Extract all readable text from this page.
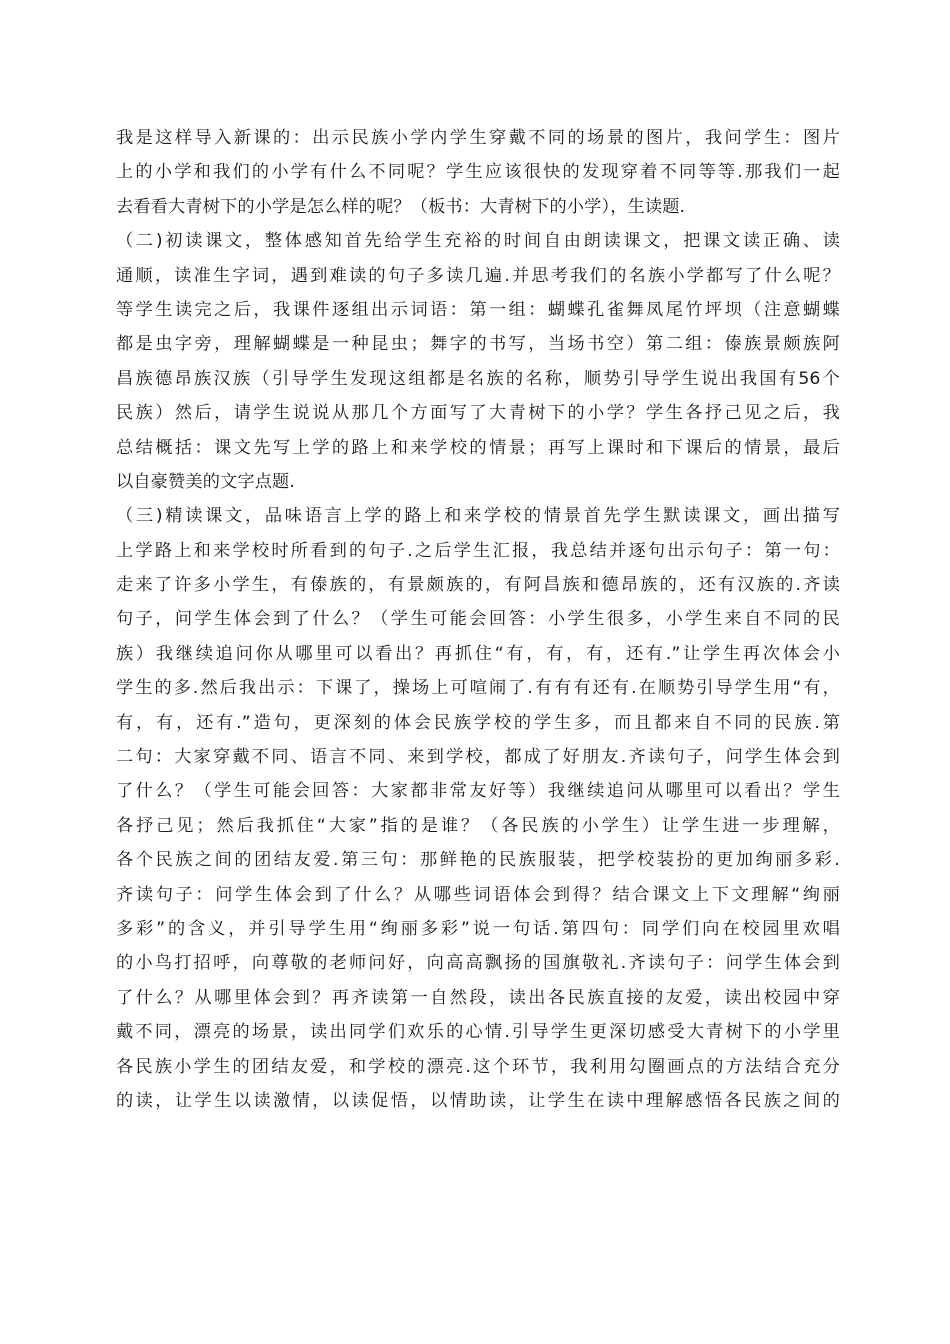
我是这样导入新课的：出示民族小学内学生穿戴不同的场景的图片，我问学生：图片
上的小学和我们的小学有什么不同呢？学生应该很快的发现穿着不同等等.那我们一起
去看看大青树下的小学是怎么样的呢？（板书：大青树下的小学），生读题.
（二)初读课文，整体感知首先给学生充裕的时间自由朗读课文，把课文读正确、读
通顺，读准生字词，遇到难读的句子多读几遍.并思考我们的名族小学都写了什么呢？
等学生读完之后，我课件逐组出示词语：第一组：蝴蝶孔雀舞凤尾竹坪坝（注意蝴蝶
都是虫字旁，理解蝴蝶是一种昆虫；舞字的书写，当场书空）第二组：傣族景颇族阿
昌族德昂族汉族（引导学生发现这组都是名族的名称，顺势引导学生说出我国有56个
民族）然后，请学生说说从那几个方面写了大青树下的小学？学生各抒己见之后，我
总结概括：课文先写上学的路上和来学校的情景；再写上课时和下课后的情景，最后
以自豪赞美的文字点题.
（三)精读课文，品味语言上学的路上和来学校的情景首先学生默读课文，画出描写
上学路上和来学校时所看到的句子.之后学生汇报，我总结并逐句出示句子：第一句：
走来了许多小学生，有傣族的，有景颇族的，有阿昌族和德昂族的，还有汉族的.齐读
句子，问学生体会到了什么？（学生可能会回答：小学生很多，小学生来自不同的民
族）我继续追问你从哪里可以看出？再抓住“有，有，有，还有.”让学生再次体会小
学生的多.然后我出示：下课了，操场上可喧闹了.有有有还有.在顺势引导学生用“有，
有，有，还有.”造句，更深刻的体会民族学校的学生多，而且都来自不同的民族.第
二句：大家穿戴不同、语言不同、来到学校，都成了好朋友.齐读句子，问学生体会到
了什么？（学生可能会回答：大家都非常友好等）我继续追问从哪里可以看出？学生
各抒己见；然后我抓住“大家”指的是谁？（各民族的小学生）让学生进一步理解，
各个民族之间的团结友爱.第三句：那鲜艳的民族服装，把学校装扮的更加绚丽多彩.
齐读句子：问学生体会到了什么？从哪些词语体会到得？结合课文上下文理解“绚丽
多彩”的含义，并引导学生用“绚丽多彩”说一句话.第四句：同学们向在校园里欢唱
的小鸟打招呼，向尊敬的老师问好，向高高飘扬的国旗敬礼.齐读句子：问学生体会到
了什么？从哪里体会到？再齐读第一自然段，读出各民族直接的友爱，读出校园中穿
戴不同，漂亮的场景，读出同学们欢乐的心情.引导学生更深切感受大青树下的小学里
各民族小学生的团结友爱，和学校的漂亮.这个环节，我利用勾圈画点的方法结合充分
的读，让学生以读激情，以读促悟，以情助读，让学生在读中理解感悟各民族之间的
